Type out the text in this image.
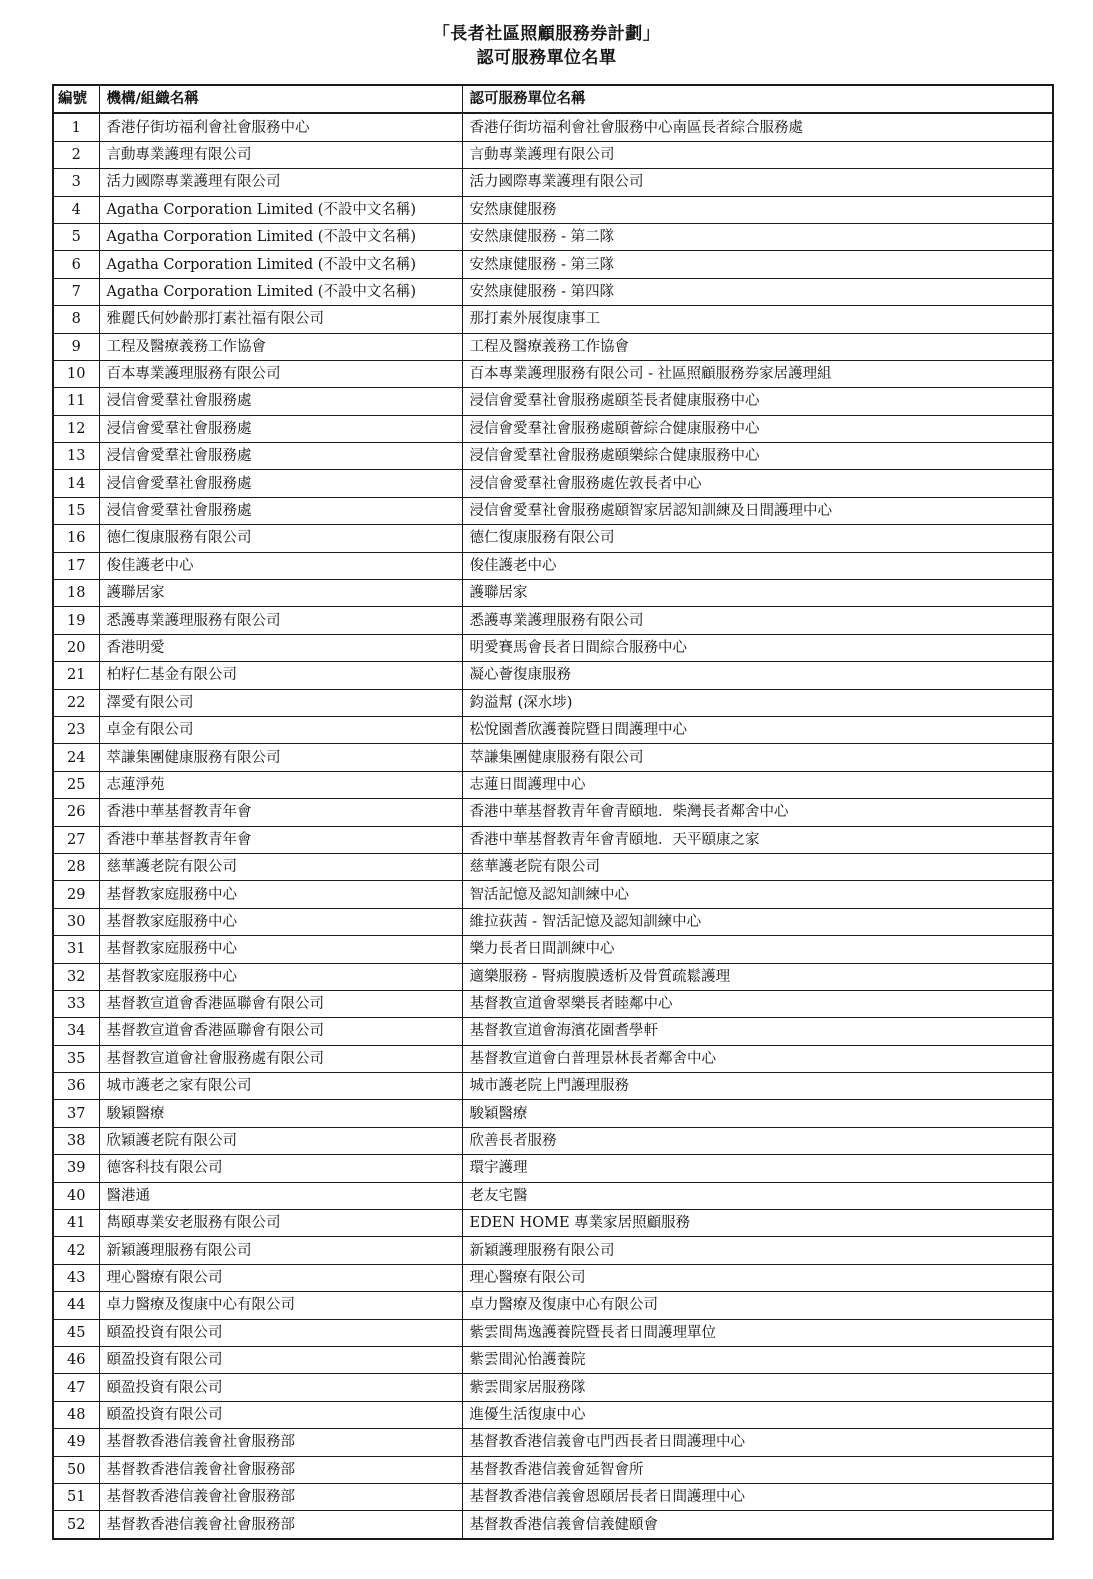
「長者社區照顧服務券計劃」
認可服務單位名單
編號	機構/組織名稱	認可服務單位名稱
1	香港仔街坊福利會社會服務中心	香港仔街坊福利會社會服務中心南區長者綜合服務處
2	言動專業護理有限公司	言動專業護理有限公司
3	活力國際專業護理有限公司	活力國際專業護理有限公司
4	Agatha Corporation Limited (不設中文名稱)	安然康健服務
5	Agatha Corporation Limited (不設中文名稱)	安然康健服務 - 第二隊
6	Agatha Corporation Limited (不設中文名稱)	安然康健服務 - 第三隊
7	Agatha Corporation Limited (不設中文名稱)	安然康健服務 - 第四隊
8	雅麗氏何妙齡那打素社福有限公司	那打素外展復康事工
9	工程及醫療義務工作協會	工程及醫療義務工作協會
10	百本專業護理服務有限公司	百本專業護理服務有限公司 - 社區照顧服務券家居護理組
11	浸信會愛羣社會服務處	浸信會愛羣社會服務處頤荃長者健康服務中心
12	浸信會愛羣社會服務處	浸信會愛羣社會服務處頤薈綜合健康服務中心
13	浸信會愛羣社會服務處	浸信會愛羣社會服務處頤樂綜合健康服務中心
14	浸信會愛羣社會服務處	浸信會愛羣社會服務處佐敦長者中心
15	浸信會愛羣社會服務處	浸信會愛羣社會服務處頤智家居認知訓練及日間護理中心
16	德仁復康服務有限公司	德仁復康服務有限公司
17	俊佳護老中心	俊佳護老中心
18	護聯居家	護聯居家
19	悉護專業護理服務有限公司	悉護專業護理服務有限公司
20	香港明愛	明愛賽馬會長者日間綜合服務中心
21	柏籽仁基金有限公司	凝心薈復康服務
22	澤愛有限公司	鈞溢幫 (深水埗)
23	卓金有限公司	松悅園耆欣護養院暨日間護理中心
24	萃謙集團健康服務有限公司	萃謙集團健康服務有限公司
25	志蓮淨苑	志蓮日間護理中心
26	香港中華基督教青年會	香港中華基督教青年會青頤地．柴灣長者鄰舍中心
27	香港中華基督教青年會	香港中華基督教青年會青頤地．天平頤康之家
28	慈華護老院有限公司	慈華護老院有限公司
29	基督教家庭服務中心	智活記憶及認知訓練中心
30	基督教家庭服務中心	維拉荻茜 - 智活記憶及認知訓練中心
31	基督教家庭服務中心	樂力長者日間訓練中心
32	基督教家庭服務中心	適樂服務 - 腎病腹膜透析及骨質疏鬆護理
33	基督教宣道會香港區聯會有限公司	基督教宣道會翠樂長者睦鄰中心
34	基督教宣道會香港區聯會有限公司	基督教宣道會海濱花園耆學軒
35	基督教宣道會社會服務處有限公司	基督教宣道會白普理景林長者鄰舍中心
36	城市護老之家有限公司	城市護老院上門護理服務
37	駿穎醫療	駿穎醫療
38	欣穎護老院有限公司	欣善長者服務
39	德客科技有限公司	環宇護理
40	醫港通	老友宅醫
41	雋頤專業安老服務有限公司	EDEN HOME 專業家居照顧服務
42	新穎護理服務有限公司	新穎護理服務有限公司
43	理心醫療有限公司	理心醫療有限公司
44	卓力醫療及復康中心有限公司	卓力醫療及復康中心有限公司
45	頤盈投資有限公司	紫雲間雋逸護養院暨長者日間護理單位
46	頤盈投資有限公司	紫雲間沁怡護養院
47	頤盈投資有限公司	紫雲間家居服務隊
48	頤盈投資有限公司	進優生活復康中心
49	基督教香港信義會社會服務部	基督教香港信義會屯門西長者日間護理中心
50	基督教香港信義會社會服務部	基督教香港信義會延智會所
51	基督教香港信義會社會服務部	基督教香港信義會恩頤居長者日間護理中心
52	基督教香港信義會社會服務部	基督教香港信義會信義健頤會
